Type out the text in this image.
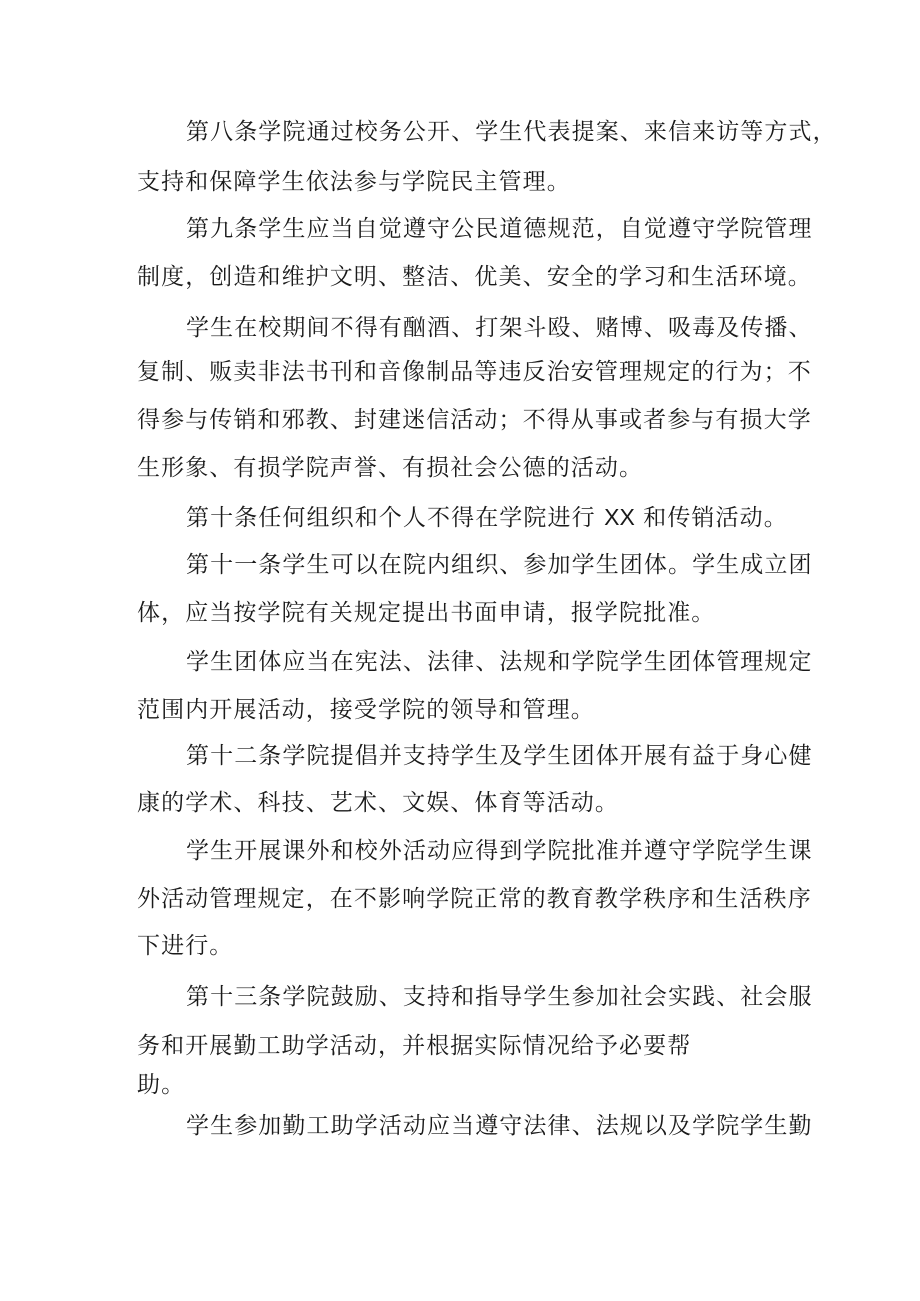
第八条学院通过校务公开、学生代表提案、来信来访等方式，
支持和保障学生依法参与学院民主管理。
第九条学生应当自觉遵守公民道德规范，自觉遵守学院管理
制度，创造和维护文明、整洁、优美、安全的学习和生活环境。
学生在校期间不得有酗酒、打架斗殴、赌博、吸毒及传播、
复制、贩卖非法书刊和音像制品等违反治安管理规定的行为；不
得参与传销和邪教、封建迷信活动；不得从事或者参与有损大学
生形象、有损学院声誉、有损社会公德的活动。
第十条任何组织和个人不得在学院进行 XX 和传销活动。
第十一条学生可以在院内组织、参加学生团体。学生成立团
体，应当按学院有关规定提出书面申请，报学院批准。
学生团体应当在宪法、法律、法规和学院学生团体管理规定
范围内开展活动，接受学院的领导和管理。
第十二条学院提倡并支持学生及学生团体开展有益于身心健
康的学术、科技、艺术、文娱、体育等活动。
学生开展课外和校外活动应得到学院批准并遵守学院学生课
外活动管理规定，在不影响学院正常的教育教学秩序和生活秩序
下进行。
第十三条学院鼓励、支持和指导学生参加社会实践、社会服
务和开展勤工助学活动，并根据实际情况给予必要帮
助。
学生参加勤工助学活动应当遵守法律、法规以及学院学生勤
